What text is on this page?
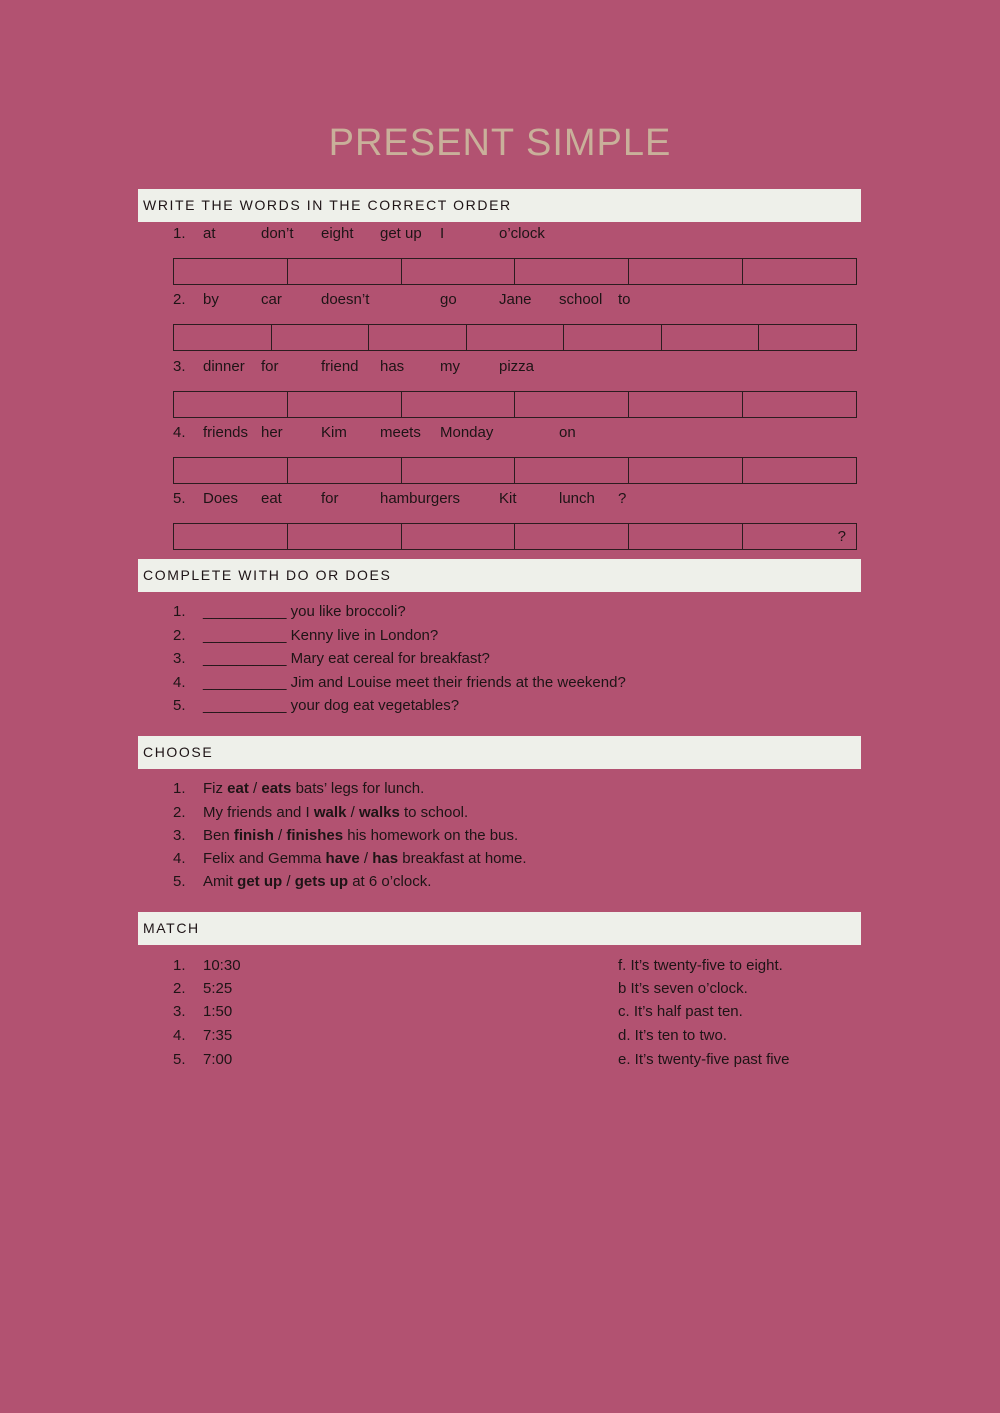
PRESENT SIMPLE
WRITE THE WORDS IN THE CORRECT ORDER
1. at	don’t eight get up I	o’clock
2. by	car	doesn’t	go	Jane school to
3. dinner for	friend has my	pizza
4. friends her	Kim meets Monday	on
5. Does eat	for	hamburgers	Kit	lunch ?
?
COMPLETE WITH DO OR DOES
1. __________ you like broccoli?
2. __________ Kenny live in London?
3. __________ Mary eat cereal for breakfast?
4. __________ Jim and Louise meet their friends at the weekend?
5. __________ your dog eat vegetables?
CHOOSE
1. Fiz eat / eats bats’ legs for lunch.
2. My friends and I walk / walks to school.
3. Ben finish / finishes his homework on the bus.
4. Felix and Gemma have / has breakfast at home.
5. Amit get up / gets up at 6 o’clock.
MATCH
1. 10:30	f. It’s twenty-five to eight.
2. 5:25	b It’s seven o’clock.
3. 1:50	c. It’s half past ten.
4. 7:35	d. It’s ten to two.
5. 7:00	e. It’s twenty-five past five
